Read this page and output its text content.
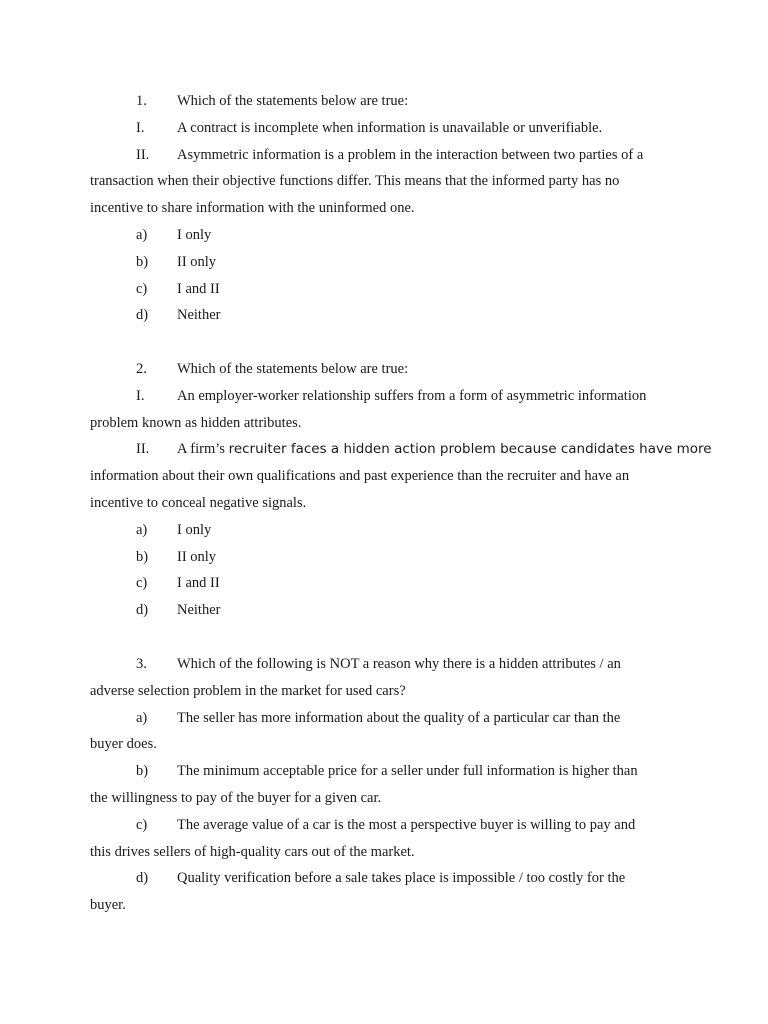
1.	Which of the statements below are true:
I.	A contract is incomplete when information is unavailable or unverifiable.
II.	Asymmetric information is a problem in the interaction between two parties of a
transaction when their objective functions differ. This means that the informed party has no
incentive to share information with the uninformed one.
a)	I only
b)	II only
c)	I and II
d)	Neither
2.	Which of the statements below are true:
I.	An employer-worker relationship suffers from a form of asymmetric information
problem known as hidden attributes.
II.	A firm’s recruiter faces a hidden action problem because candidates have more
information about their own qualifications and past experience than the recruiter and have an
incentive to conceal negative signals.
a)	I only
b)	II only
c)	I and II
d)	Neither
3.	Which of the following is NOT a reason why there is a hidden attributes / an
adverse selection problem in the market for used cars?
a)	The seller has more information about the quality of a particular car than the
buyer does.
b)	The minimum acceptable price for a seller under full information is higher than
the willingness to pay of the buyer for a given car.
c)	The average value of a car is the most a perspective buyer is willing to pay and
this drives sellers of high-quality cars out of the market.
d)	Quality verification before a sale takes place is impossible / too costly for the
buyer.
